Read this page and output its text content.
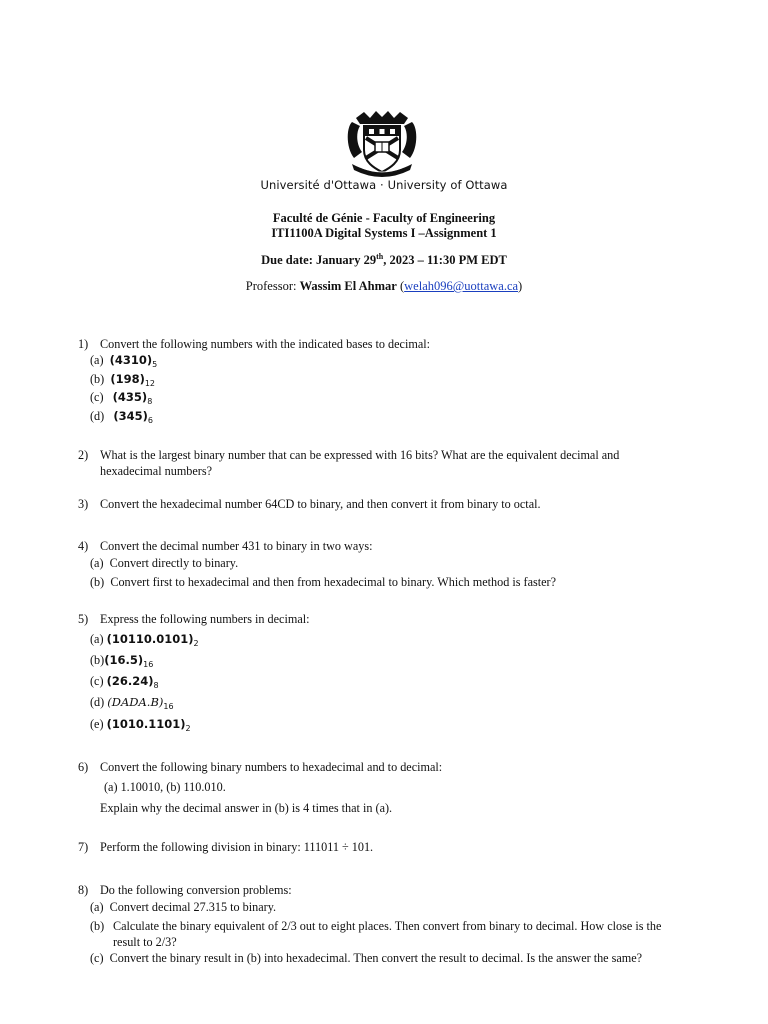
Université d'Ottawa · University of Ottawa
Faculté de Génie - Faculty of Engineering
ITI1100A Digital Systems I –Assignment 1
Due date: January 29th, 2023 – 11:30 PM EDT
Professor: Wassim El Ahmar (welah096@uottawa.ca)
1) Convert the following numbers with the indicated bases to decimal:
(a) $(4310)_5$
(b) $(198)_{12}$
(c) $(435)_8$
(d) $(345)_6$
2) What is the largest binary number that can be expressed with 16 bits? What are the equivalent decimal and hexadecimal numbers?
3) Convert the hexadecimal number 64CD to binary, and then convert it from binary to octal.
4) Convert the decimal number 431 to binary in two ways:
(a) Convert directly to binary.
(b) Convert first to hexadecimal and then from hexadecimal to binary. Which method is faster?
5) Express the following numbers in decimal:
(a) $(10110.0101)_2$
$(b)(16.5)_{16}$
(c) $(26.24)_8$
(d) $(DADA.B)_{16}$
(e) $(1010.1101)_2$
6) Convert the following binary numbers to hexadecimal and to decimal:
(a) 1.10010, (b) 110.010.
Explain why the decimal answer in (b) is 4 times that in (a).
7) Perform the following division in binary: 111011 ÷ 101.
8) Do the following conversion problems:
(a) Convert decimal 27.315 to binary.
(b) Calculate the binary equivalent of 2/3 out to eight places. Then convert from binary to decimal. How close is the result to 2/3?
(c) Convert the binary result in (b) into hexadecimal. Then convert the result to decimal. Is the answer the same?
